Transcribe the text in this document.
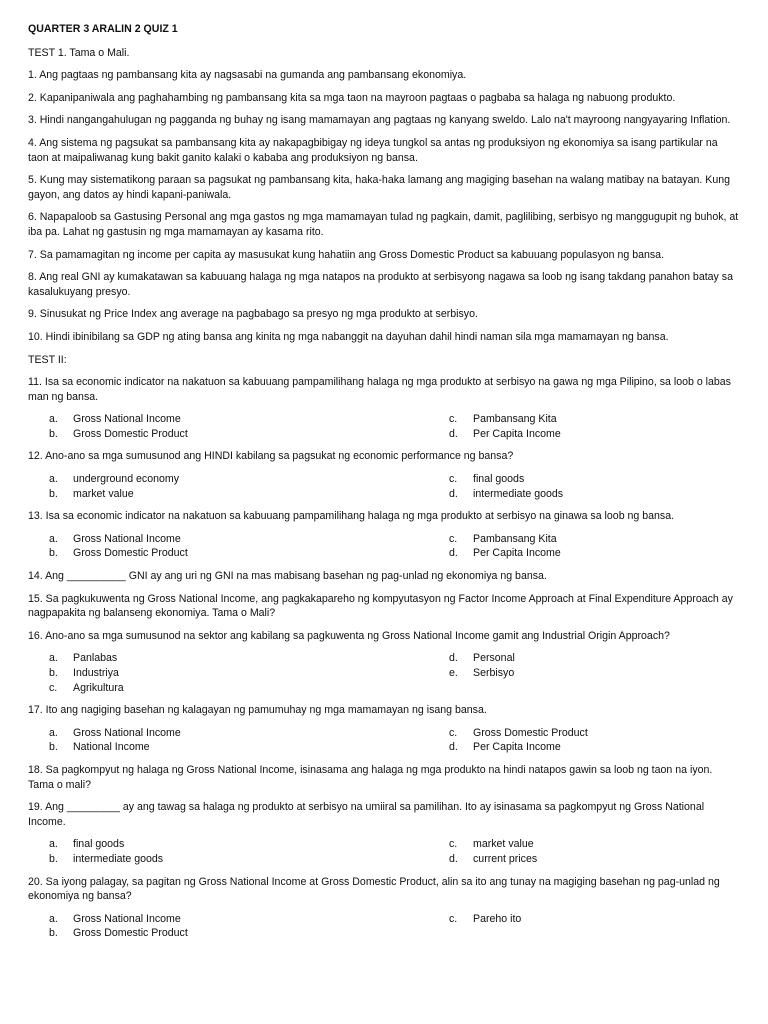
QUARTER 3 ARALIN 2 QUIZ 1
TEST 1. Tama o Mali.
1. Ang pagtaas ng pambansang kita ay nagsasabi na gumanda ang pambansang ekonomiya.
2. Kapanipaniwala ang paghahambing ng pambansang kita sa mga taon na mayroon pagtaas o pagbaba sa halaga ng nabuong produkto.
3. Hindi nangangahulugan ng pagganda ng buhay ng isang mamamayan ang pagtaas ng kanyang sweldo. Lalo na't mayroong nangyayaring Inflation.
4. Ang sistema ng pagsukat sa pambansang kita ay nakapagbibigay ng ideya tungkol sa antas ng produksiyon ng ekonomiya sa isang partikular na taon at maipaliwanag kung bakit ganito kalaki o kababa ang produksiyon ng bansa.
5. Kung may sistematikong paraan sa pagsukat ng pambansang kita, haka-haka lamang ang magiging basehan na walang matibay na batayan. Kung gayon, ang datos ay hindi kapani-paniwala.
6. Napapaloob sa Gastusing Personal ang mga gastos ng mga mamamayan tulad ng pagkain, damit, paglilibing, serbisyo ng manggugupit ng buhok, at iba pa. Lahat ng gastusin ng mga mamamayan ay kasama rito.
7. Sa pamamagitan ng income per capita ay masusukat kung hahatiin ang Gross Domestic Product sa kabuuang populasyon ng bansa.
8. Ang real GNI ay kumakatawan sa kabuuang halaga ng mga natapos na produkto at serbisyong nagawa sa loob ng isang takdang panahon batay sa kasalukuyang presyo.
9. Sinusukat ng Price Index ang average na pagbabago sa presyo ng mga produkto at serbisyo.
10. Hindi ibinibilang sa GDP ng ating bansa ang kinita ng mga nabanggit na dayuhan dahil hindi naman sila mga mamamayan ng bansa.
TEST II:
11. Isa sa economic indicator na nakatuon sa kabuuang pampamilihang halaga ng mga produkto at serbisyo na gawa ng mga Pilipino, sa loob o labas man ng bansa.
a.	Gross National Income	c.	Pambansang Kita
b.	Gross Domestic Product	d.	Per Capita Income
12. Ano-ano sa mga sumusunod ang HINDI kabilang sa pagsukat ng economic performance ng bansa?
a.	underground economy	c.	final goods
b.	market value	d.	intermediate goods
13. Isa sa economic indicator na nakatuon sa kabuuang pampamilihang halaga ng mga produkto at serbisyo na ginawa sa loob ng bansa.
a.	Gross National Income	c.	Pambansang Kita
b.	Gross Domestic Product	d.	Per Capita Income
14. Ang __________ GNI ay ang uri ng GNI na mas mabisang basehan ng pag-unlad ng ekonomiya ng bansa.
15. Sa pagkukuwenta ng Gross National Income, ang pagkakapareho ng kompyutasyon ng Factor Income Approach at Final Expenditure Approach ay nagpapakita ng balanseng ekonomiya. Tama o Mali?
16. Ano-ano sa mga sumusunod na sektor ang kabilang sa pagkuwenta ng Gross National Income gamit ang Industrial Origin Approach?
a.	Panlabas	d.	Personal
b.	Industriya	e.	Serbisyo
c.	Agrikultura
17. Ito ang nagiging basehan ng kalagayan ng pamumuhay ng mga mamamayan ng isang bansa.
a.	Gross National Income	c.	Gross Domestic Product
b.	National Income	d.	Per Capita Income
18. Sa pagkompyut ng halaga ng Gross National Income, isinasama ang halaga ng mga produkto na hindi natapos gawin sa loob ng taon na iyon. Tama o mali?
19. Ang _________ ay ang tawag sa halaga ng produkto at serbisyo na umiiral sa pamilihan. Ito ay isinasama sa pagkompyut ng Gross National Income.
a.	final goods	c.	market value
b.	intermediate goods	d.	current prices
20. Sa iyong palagay, sa pagitan ng Gross National Income at Gross Domestic Product, alin sa ito ang tunay na magiging basehan ng pag-unlad ng ekonomiya ng bansa?
a.	Gross National Income	c.	Pareho ito
b.	Gross Domestic Product
